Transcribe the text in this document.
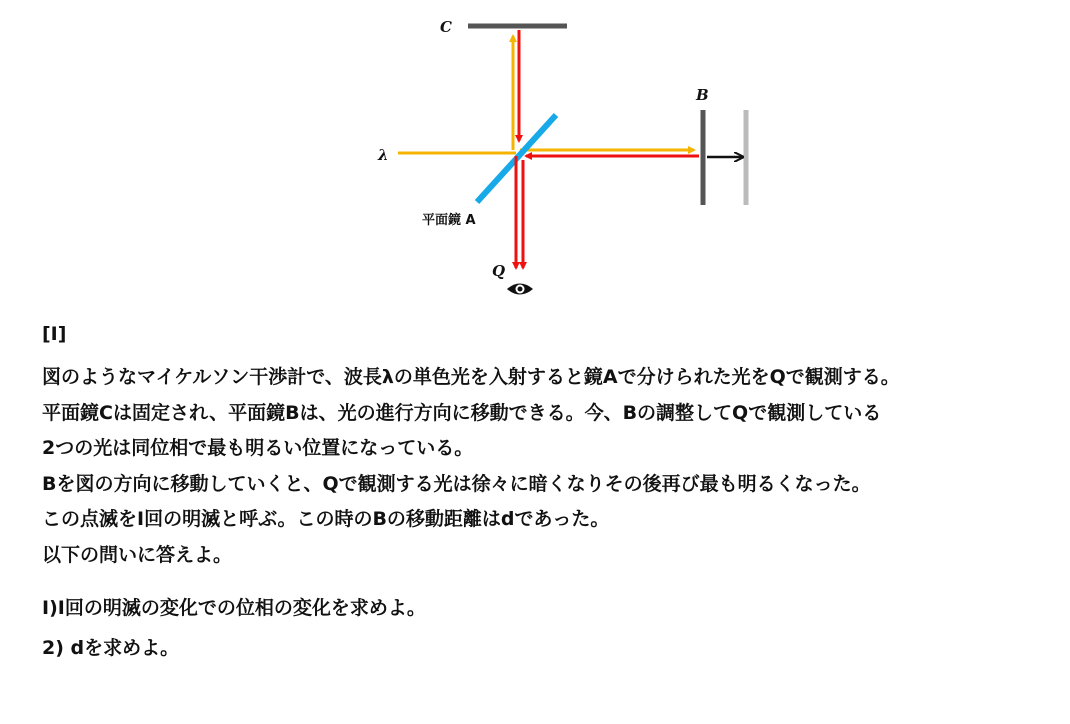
C
B
λ
平面鏡 A
Q
[Ⅰ]
図のようなマイケルソン干渉計で、波長λの単色光を入射すると鏡Aで分けられた光をQで観測する。
平面鏡Cは固定され、平面鏡Bは、光の進行方向に移動できる。今、Bの調整してQで観測している
2つの光は同位相で最も明るい位置になっている。
Bを図の方向に移動していくと、Qで観測する光は徐々に暗くなりその後再び最も明るくなった。
この点滅をⅠ回の明滅と呼ぶ。この時のBの移動距離はdであった。
以下の問いに答えよ。
Ⅰ)Ⅰ回の明滅の変化での位相の変化を求めよ。
2) dを求めよ。
